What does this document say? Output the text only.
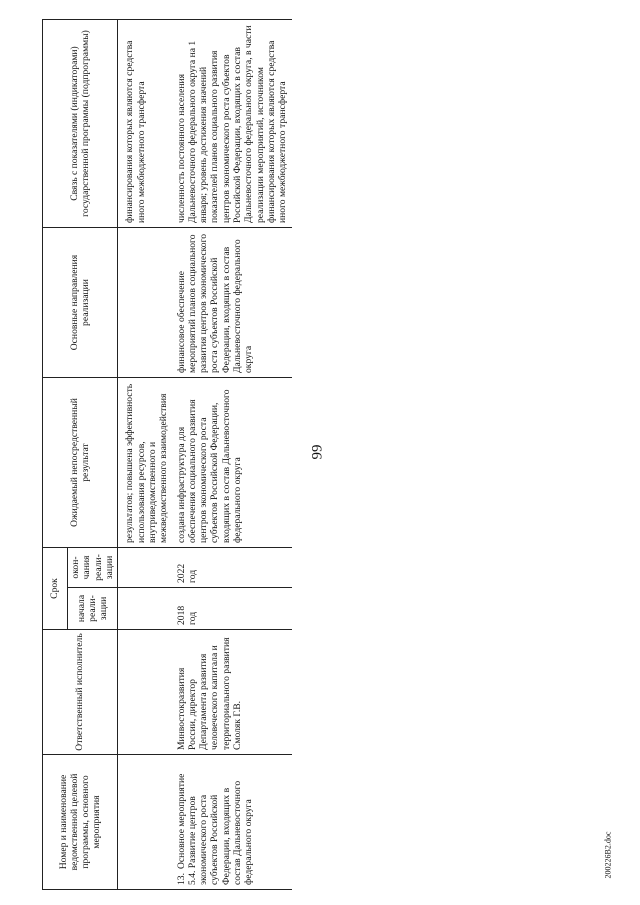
99
200226В2.doc
Номер и наименование ведомственной целевой программы, основного мероприятия	Ответственный исполнитель	Срок		Ожидаемый непосредственный результат	Основные направления реализации	Связь с показателями (индикаторами) государственной программы (подпрограммы)
		начала реали-зации	окон-чания реали-зации			
				результатов; повышена эффективность использования ресурсов, внутриведомственного и межведомственного взаимодействия		финансирования которых являются средства иного межбюджетного трансферта
13.Основное мероприятие 5.4. Развитие центров экономического роста субъектов Российской Федерации, входящих в состав Дальневосточного федерального округа	Минвостокразвития России, директор Департамента развития человеческого капитала и территориального развития Смоляк Г.В.	2018 год	2022 год	создана инфраструктура для обеспечения социального развития центров экономического роста субъектов Российской Федерации, входящих в состав Дальневосточного федерального округа	финансовое обеспечение мероприятий планов социального развития центров экономического роста субъектов Российской Федерации, входящих в состав Дальневосточного федерального округа	численность постоянного населения Дальневосточного федерального округа на 1 января; уровень достижения значений показателей планов социального развития центров экономического роста субъектов Российской Федерации, входящих в состав Дальневосточного федерального округа, в части реализации мероприятий, источником финансирования которых являются средства иного межбюджетного трансферта
